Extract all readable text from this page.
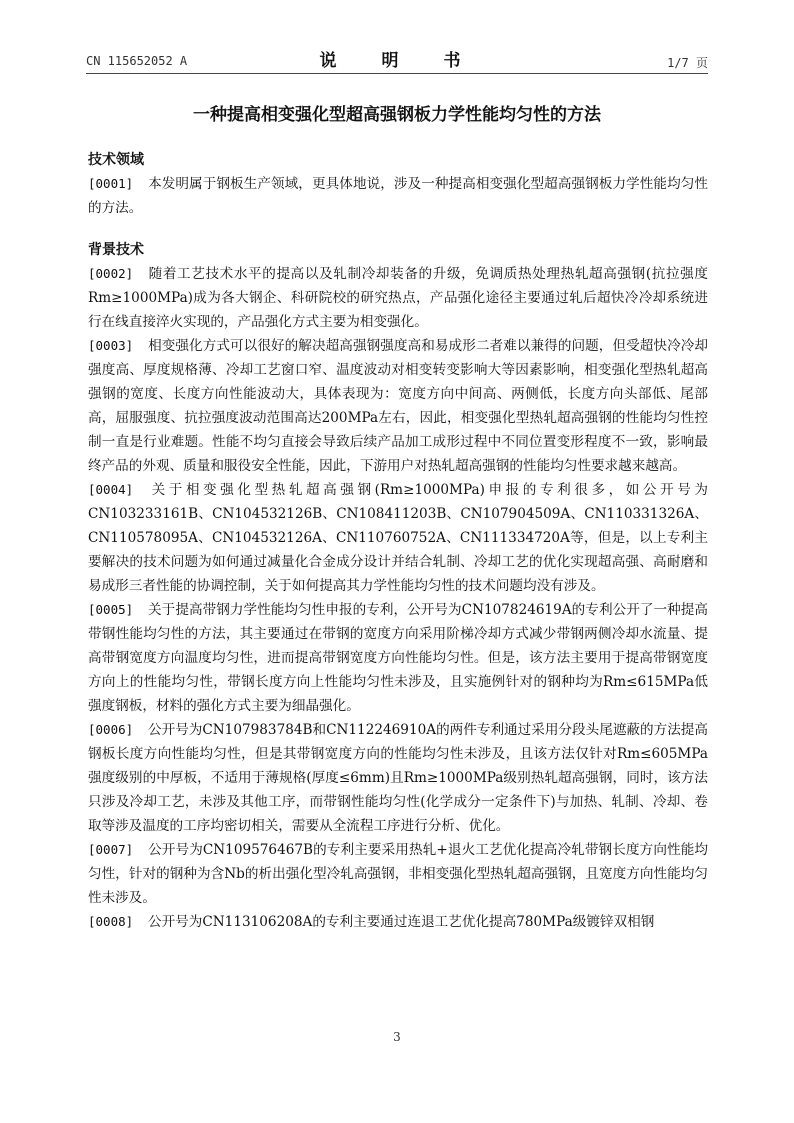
CN 115652052 A	说　明　书	1/7 页
一种提高相变强化型超高强钢板力学性能均匀性的方法
技术领域

[0001] 本发明属于钢板生产领域，更具体地说，涉及一种提高相变强化型超高强钢板力学性能均匀性的方法。

背景技术

[0002] 随着工艺技术水平的提高以及轧制冷却装备的升级，免调质热处理热轧超高强钢(抗拉强度Rm≥1000MPa)成为各大钢企、科研院校的研究热点，产品强化途径主要通过轧后超快冷冷却系统进行在线直接淬火实现的，产品强化方式主要为相变强化。

[0003] 相变强化方式可以很好的解决超高强钢强度高和易成形二者难以兼得的问题，但受超快冷冷却强度高、厚度规格薄、冷却工艺窗口窄、温度波动对相变转变影响大等因素影响，相变强化型热轧超高强钢的宽度、长度方向性能波动大，具体表现为：宽度方向中间高、两侧低，长度方向头部低、尾部高，屈服强度、抗拉强度波动范围高达200MPa左右，因此，相变强化型热轧超高强钢的性能均匀性控制一直是行业难题。性能不均匀直接会导致后续产品加工成形过程中不同位置变形程度不一致，影响最终产品的外观、质量和服役安全性能，因此，下游用户对热轧超高强钢的性能均匀性要求越来越高。

[0004] 关于相变强化型热轧超高强钢(Rm≥1000MPa)申报的专利很多，如公开号为CN103233161B、CN104532126B、CN108411203B、CN107904509A、CN110331326A、CN110578095A、CN104532126A、CN110760752A、CN111334720A等，但是，以上专利主要解决的技术问题为如何通过减量化合金成分设计并结合轧制、冷却工艺的优化实现超高强、高耐磨和易成形三者性能的协调控制，关于如何提高其力学性能均匀性的技术问题均没有涉及。

[0005] 关于提高带钢力学性能均匀性申报的专利，公开号为CN107824619A的专利公开了一种提高带钢性能均匀性的方法，其主要通过在带钢的宽度方向采用阶梯冷却方式减少带钢两侧冷却水流量、提高带钢宽度方向温度均匀性，进而提高带钢宽度方向性能均匀性。但是，该方法主要用于提高带钢宽度方向上的性能均匀性，带钢长度方向上性能均匀性未涉及，且实施例针对的钢种均为Rm≤615MPa低强度钢板，材料的强化方式主要为细晶强化。

[0006] 公开号为CN107983784B和CN112246910A的两件专利通过采用分段头尾遮蔽的方法提高钢板长度方向性能均匀性，但是其带钢宽度方向的性能均匀性未涉及，且该方法仅针对Rm≤605MPa强度级别的中厚板，不适用于薄规格(厚度≤6mm)且Rm≥1000MPa级别热轧超高强钢，同时，该方法只涉及冷却工艺，未涉及其他工序，而带钢性能均匀性(化学成分一定条件下)与加热、轧制、冷却、卷取等涉及温度的工序均密切相关，需要从全流程工序进行分析、优化。

[0007] 公开号为CN109576467B的专利主要采用热轧+退火工艺优化提高冷轧带钢长度方向性能均匀性，针对的钢种为含Nb的析出强化型冷轧高强钢，非相变强化型热轧超高强钢，且宽度方向性能均匀性未涉及。

[0008] 公开号为CN113106208A的专利主要通过连退工艺优化提高780MPa级镀锌双相钢

3
